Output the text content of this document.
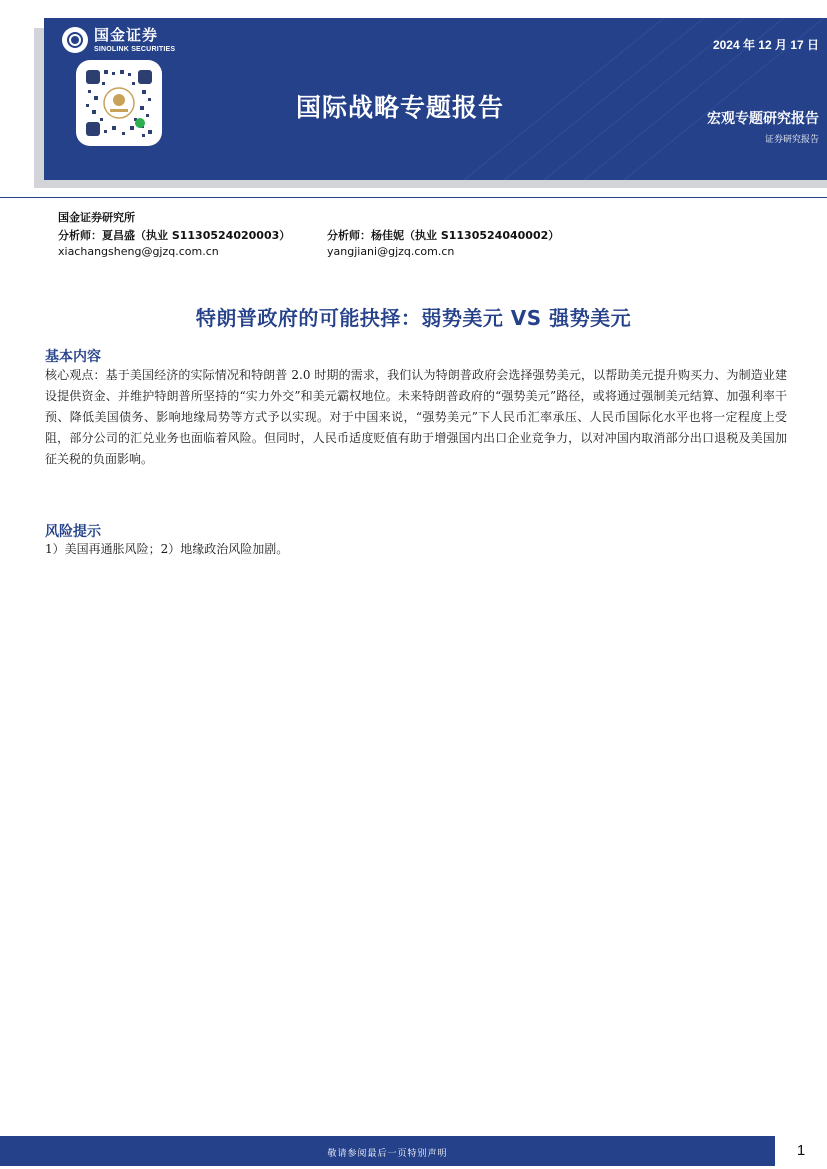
国金证券
SINOLINK SECURITIES	2024 年 12 月 17 日
国际战略专题报告	宏观专题研究报告
证券研究报告
国金证券研究所
分析师：夏昌盛（执业 S1130524020003）
xiachangsheng@gjzq.com.cn
分析师：杨佳妮（执业 S1130524040002）
yangjiani@gjzq.com.cn
特朗普政府的可能抉择：弱势美元 VS 强势美元
基本内容
核心观点：基于美国经济的实际情况和特朗普 2.0 时期的需求，我们认为特朗普政府会选择强势美元，以帮助美元提升购买力、为制造业建设提供资金、并维护特朗普所坚持的“实力外交”和美元霸权地位。未来特朗普政府的“强势美元”路径，或将通过强制美元结算、加强利率干预、降低美国债务、影响地缘局势等方式予以实现。对于中国来说，“强势美元”下人民币汇率承压、人民币国际化水平也将一定程度上受阻，部分公司的汇兑业务也面临着风险。但同时，人民币适度贬值有助于增强国内出口企业竞争力，以对冲国内取消部分出口退税及美国加征关税的负面影响。
风险提示
1）美国再通胀风险；2）地缘政治风险加剧。
敬请参阅最后一页特别声明	1
